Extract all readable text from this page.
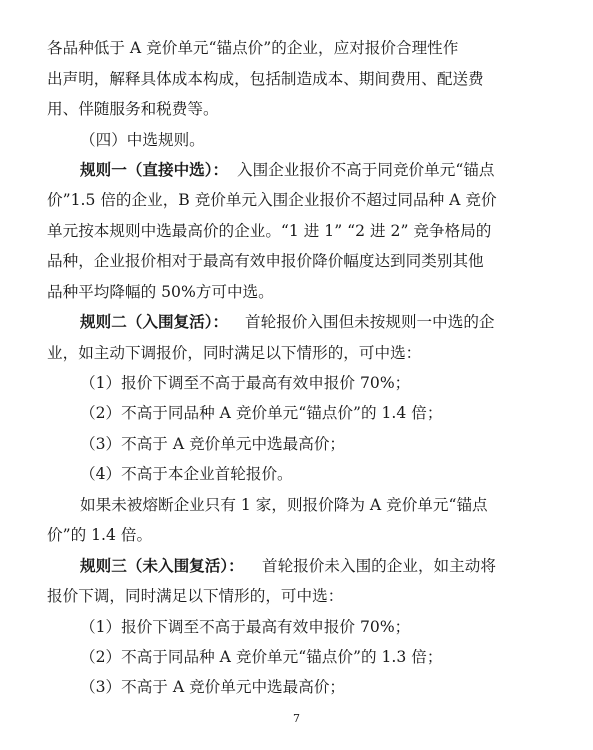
各品种低于 A 竞价单元“锚点价”的企业，应对报价合理性作
出声明，解释具体成本构成，包括制造成本、期间费用、配送费
用、伴随服务和税费等。
（四）中选规则。
规则一（直接中选）： 入围企业报价不高于同竞价单元“锚点
价”1.5 倍的企业，B 竞价单元入围企业报价不超过同品种 A 竞价
单元按本规则中选最高价的企业。“1 进 1” “2 进 2” 竞争格局的
品种，企业报价相对于最高有效申报价降价幅度达到同类别其他
品种平均降幅的 50%方可中选。
规则二（入围复活）： 首轮报价入围但未按规则一中选的企
业，如主动下调报价，同时满足以下情形的，可中选：
（1）报价下调至不高于最高有效申报价 70%；
（2）不高于同品种 A 竞价单元“锚点价”的 1.4 倍；
（3）不高于 A 竞价单元中选最高价；
（4）不高于本企业首轮报价。
如果未被熔断企业只有 1 家，则报价降为 A 竞价单元“锚点
价”的 1.4 倍。
规则三（未入围复活）： 首轮报价未入围的企业，如主动将
报价下调，同时满足以下情形的，可中选：
（1）报价下调至不高于最高有效申报价 70%；
（2）不高于同品种 A 竞价单元“锚点价”的 1.3 倍；
（3）不高于 A 竞价单元中选最高价；
7
